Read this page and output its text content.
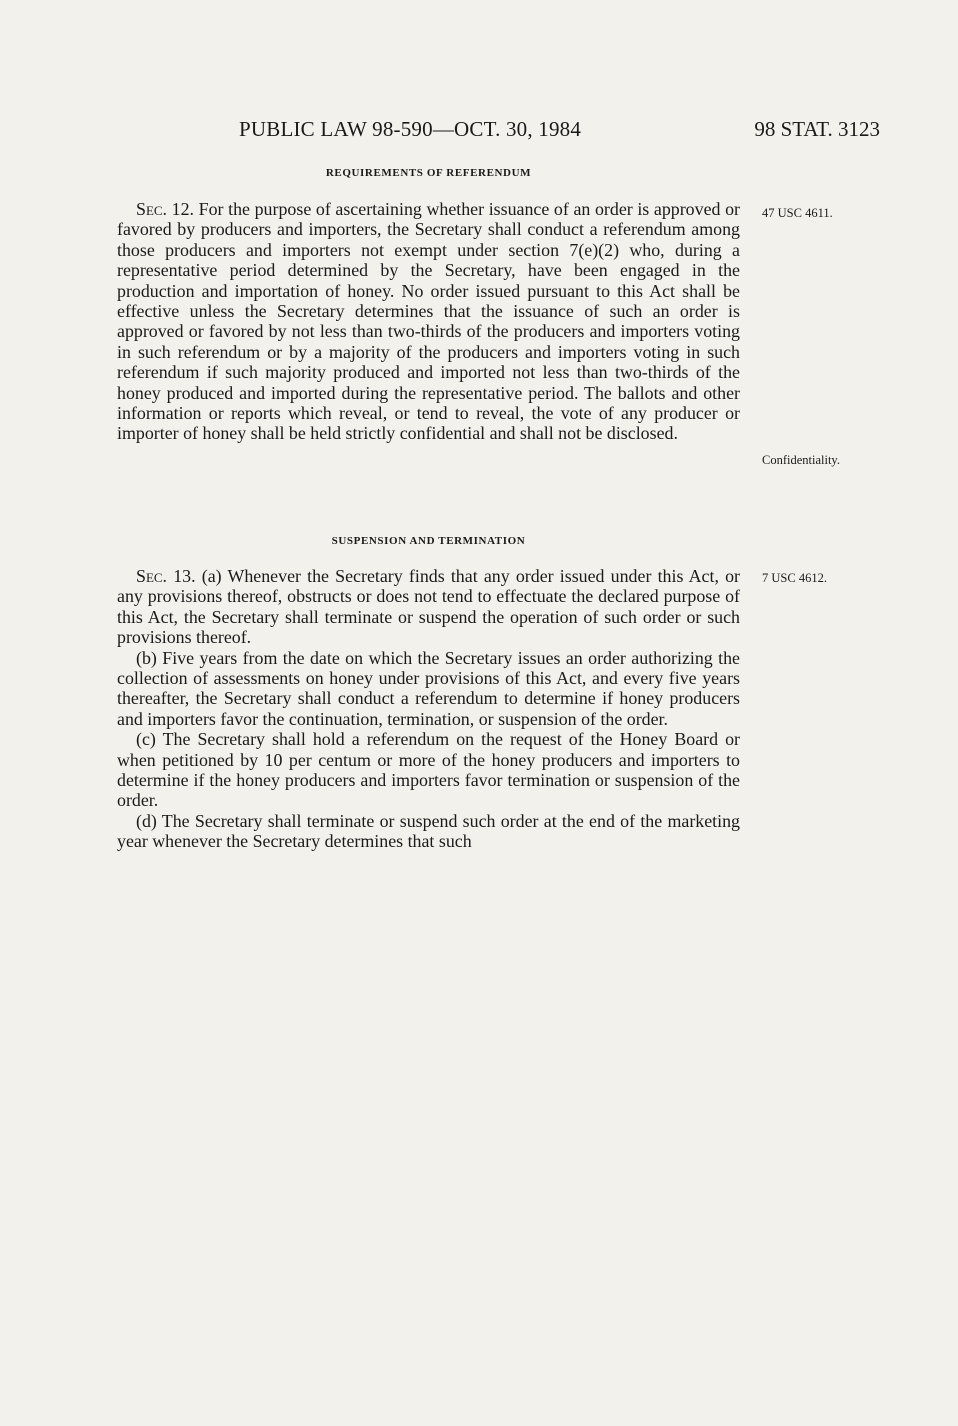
PUBLIC LAW 98-590—OCT. 30, 1984	98 STAT. 3123
REQUIREMENTS OF REFERENDUM

Sec. 12. For the purpose of ascertaining whether issuance of an order is approved or favored by producers and importers, the Secretary shall conduct a referendum among those producers and importers not exempt under section 7(e)(2) who, during a representative period determined by the Secretary, have been engaged in the production and importation of honey. No order issued pursuant to this Act shall be effective unless the Secretary determines that the issuance of such an order is approved or favored by not less than two-thirds of the producers and importers voting in such referendum or by a majority of the producers and importers voting in such referendum if such majority produced and imported not less than two-thirds of the honey produced and imported during the representative period. The ballots and other information or reports which reveal, or tend to reveal, the vote of any producer or importer of honey shall be held strictly confidential and shall not be disclosed.

SUSPENSION AND TERMINATION

Sec. 13. (a) Whenever the Secretary finds that any order issued under this Act, or any provisions thereof, obstructs or does not tend to effectuate the declared purpose of this Act, the Secretary shall terminate or suspend the operation of such order or such provisions thereof.

(b) Five years from the date on which the Secretary issues an order authorizing the collection of assessments on honey under provisions of this Act, and every five years thereafter, the Secretary shall conduct a referendum to determine if honey producers and importers favor the continuation, termination, or suspension of the order.

(c) The Secretary shall hold a referendum on the request of the Honey Board or when petitioned by 10 per centum or more of the honey producers and importers to determine if the honey producers and importers favor termination or suspension of the order.

(d) The Secretary shall terminate or suspend such order at the end of the marketing year whenever the Secretary determines that such

47 USC 4611.
Confidentiality.
7 USC 4612.
